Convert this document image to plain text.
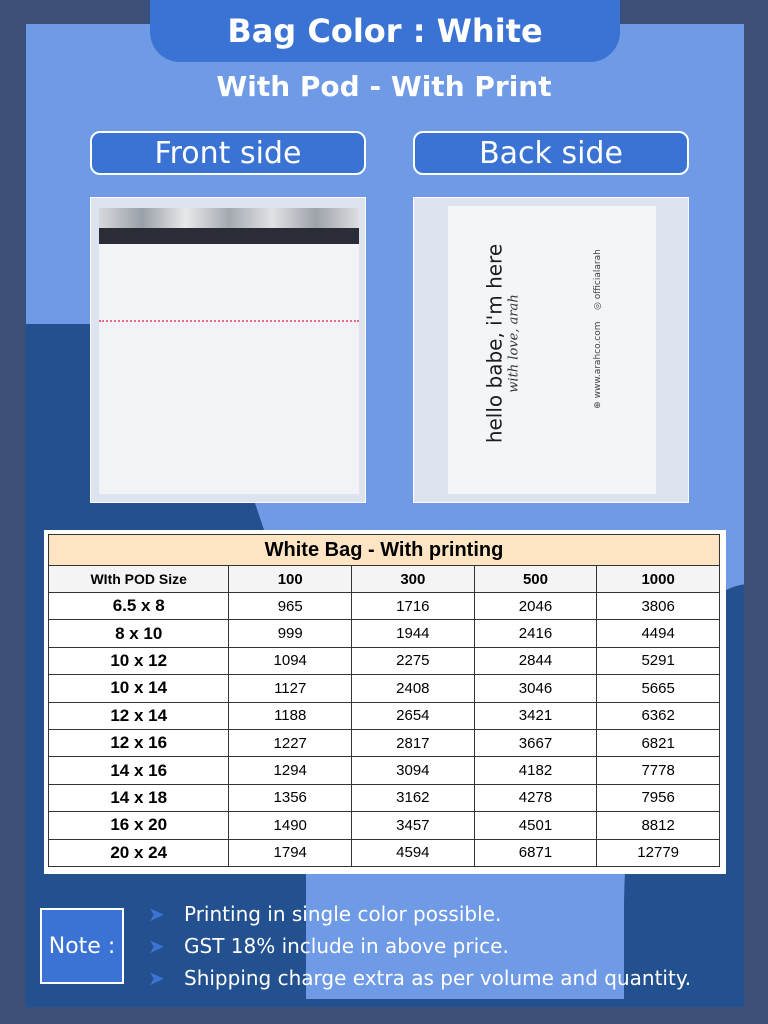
Bag Color : White
With Pod - With Print
Front side	Back side
hello babe, i'm here with love, arah
⊕ www.arahco.com    ◎ officialarah
White Bag - With printing				
WIth POD Size	100	300	500	1000
6.5 x 8	965	1716	2046	3806
8 x 10	999	1944	2416	4494
10 x 12	1094	2275	2844	5291
10 x 14	1127	2408	3046	5665
12 x 14	1188	2654	3421	6362
12 x 16	1227	2817	3667	6821
14 x 16	1294	3094	4182	7778
14 x 18	1356	3162	4278	7956
16 x 20	1490	3457	4501	8812
20 x 24	1794	4594	6871	12779
Note :
➤ Printing in single color possible.
➤ GST 18% include in above price.
➤ Shipping charge extra as per volume and quantity.
